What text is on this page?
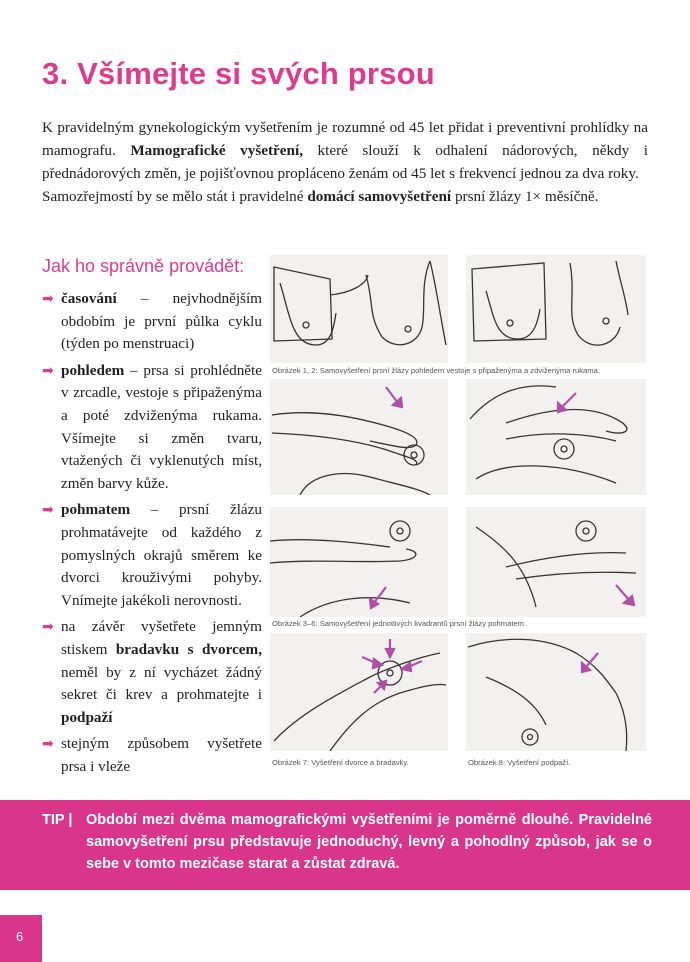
3. Všímejte si svých prsou

K pravidelným gynekologickým vyšetřením je rozumné od 45 let přidat i preventivní prohlídky na mamografu. Mamografické vyšetření, které slouží k odhalení nádorových, někdy i přednádorových změn, je pojišťovnou propláceno ženám od 45 let s frekvencí jednou za dva roky.

Samozřejmostí by se mělo stát i pravidelné domácí samovyšetření prsní žlázy 1× měsíčně.

Jak ho správně provádět:
➡ časování – nejvhodnějším obdobím je první půlka cyklu (týden po menstruaci)
➡ pohledem – prsa si prohlédněte v zrcadle, vestoje s připaženýma a poté zdviženýma rukama. Všímejte si změn tvaru, vtažených či vyklenutých míst, změn barvy kůže.
➡ pohmatem – prsní žlázu prohmatávejte od každého z pomyslných okrajů směrem ke dvorci krouživými pohyby. Vnímejte jakékoli nerovnosti.
➡ na závěr vyšetřete jemným stiskem bradavku s dvorcem, neměl by z ní vycházet žádný sekret či krev a prohmatejte i podpaží
➡ stejným způsobem vyšetřete prsa i vleže
Obrázek 1, 2: Samovyšetření prsní žlázy pohledem vestoje s připaženýma a zdviženýma rukama.
Obrázek 3–6: Samovyšetření jednotlivých kvadrantů prsní žlázy pohmatem.
Obrázek 7: Vyšetření dvorce a bradavky.	Obrázek 8: Vyšetření podpaží.
TIP | Období mezi dvěma mamografickými vyšetřeními je poměrně dlouhé. Pravidelné samovyšetření prsu představuje jednoduchý, levný a pohodlný způsob, jak se o sebe v tomto mezičase starat a zůstat zdravá.
6
